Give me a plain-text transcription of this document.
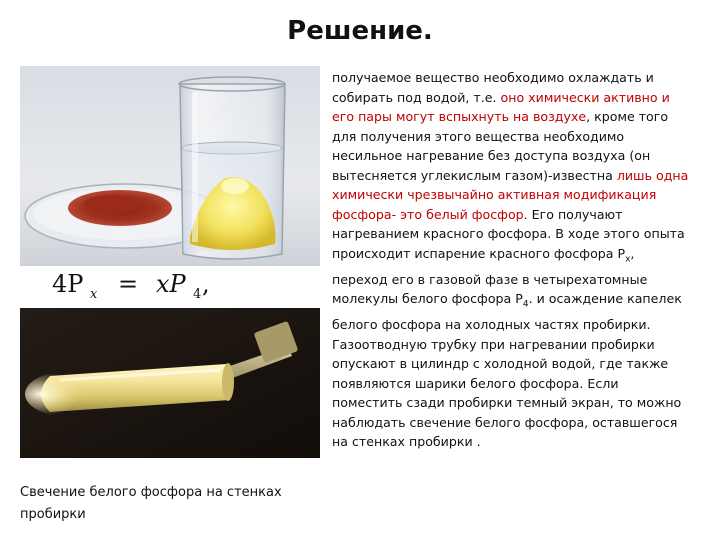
Решение.
4P x = xP 4 ,
Свечение белого фосфора на стенках пробирки
получаемое вещество необходимо охлаждать и собирать под водой, т.е. оно химически активно и его пары могут вспыхнуть на воздухе, кроме того для получения этого вещества необходимо несильное нагревание без доступа воздуха (он вытесняется углекислым газом)-известна лишь одна химически чрезвычайно активная модификация фосфора- это белый фосфор. Его получают нагреванием красного фосфора. В ходе этого опыта происходит испарение красного фосфора $Р_x$, переход его в газовой фазе в четырехатомные молекулы белого фосфора $Р_4$. и осаждение капелек белого фосфора на холодных частях пробирки. Газоотводную трубку при нагревании пробирки опускают в цилиндр с холодной водой, где также появляются шарики белого фосфора. Если поместить сзади пробирки темный экран, то можно наблюдать свечение белого фосфора, оставшегося на стенках пробирки .
